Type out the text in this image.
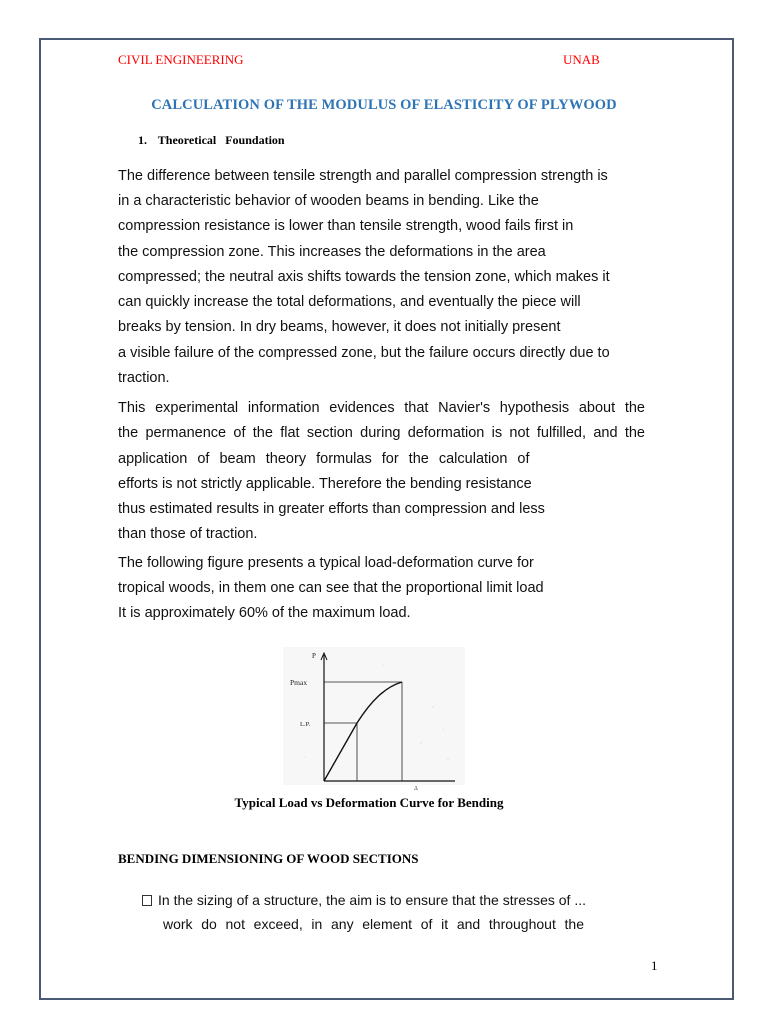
CIVIL ENGINEERING	UNAB
CALCULATION OF THE MODULUS OF ELASTICITY OF PLYWOOD
1. Theoretical   Foundation
The difference between tensile strength and parallel compression strength is
in a characteristic behavior of wooden beams in bending. Like the
compression resistance is lower than tensile strength, wood fails first in
the compression zone. This increases the deformations in the area
compressed; the neutral axis shifts towards the tension zone, which makes it
can quickly increase the total deformations, and eventually the piece will
breaks by tension. In dry beams, however, it does not initially present
a visible failure of the compressed zone, but the failure occurs directly due to
traction.
This experimental information evidences that Navier's hypothesis about the
the permanence of the flat section during deformation is not fulfilled, and the
application of beam theory formulas for the calculation of
efforts is not strictly applicable. Therefore the bending resistance
thus estimated results in greater efforts than compression and less
than those of traction.
The following figure presents a typical load-deformation curve for
tropical woods, in them one can see that the proportional limit load
It is approximately 60% of the maximum load.
P
Pmax
L.P.
Δ
Typical Load vs Deformation Curve for Bending
BENDING DIMENSIONING OF WOOD SECTIONS
In the sizing of a structure, the aim is to ensure that the stresses of ...
work do not exceed, in any element of it and throughout the
1
